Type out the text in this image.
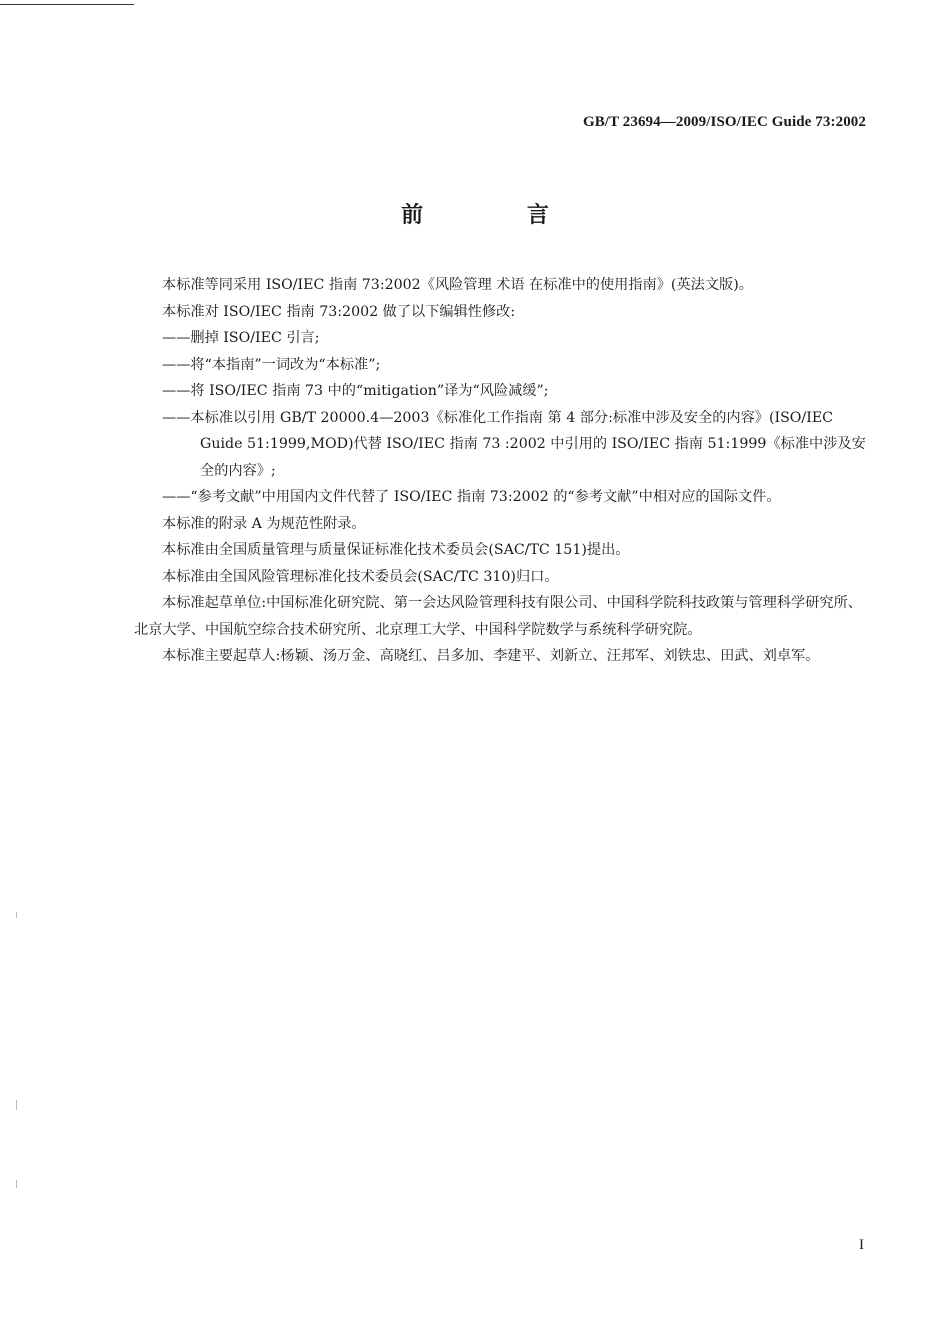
GB/T 23694—2009/ISO/IEC Guide 73:2002
前 言

本标准等同采用 ISO/IEC 指南 73:2002《风险管理 术语 在标准中的使用指南》(英法文版)。

本标准对 ISO/IEC 指南 73:2002 做了以下编辑性修改:

——删掉 ISO/IEC 引言;

——将“本指南”一词改为“本标准”;

——将 ISO/IEC 指南 73 中的“mitigation”译为“风险减缓”;

——本标准以引用 GB/T 20000.4—2003《标准化工作指南 第 4 部分:标准中涉及安全的内容》(ISO/IEC Guide 51:1999,MOD)代替 ISO/IEC 指南 73 :2002 中引用的 ISO/IEC 指南 51:1999《标准中涉及安全的内容》;

——“参考文献”中用国内文件代替了 ISO/IEC 指南 73:2002 的“参考文献”中相对应的国际文件。

本标准的附录 A 为规范性附录。

本标准由全国质量管理与质量保证标准化技术委员会(SAC/TC 151)提出。

本标准由全国风险管理标准化技术委员会(SAC/TC 310)归口。

本标准起草单位:中国标准化研究院、第一会达风险管理科技有限公司、中国科学院科技政策与管理科学研究所、北京大学、中国航空综合技术研究所、北京理工大学、中国科学院数学与系统科学研究院。

本标准主要起草人:杨颖、汤万金、高晓红、吕多加、李建平、刘新立、汪邦军、刘铁忠、田武、刘卓军。

I
